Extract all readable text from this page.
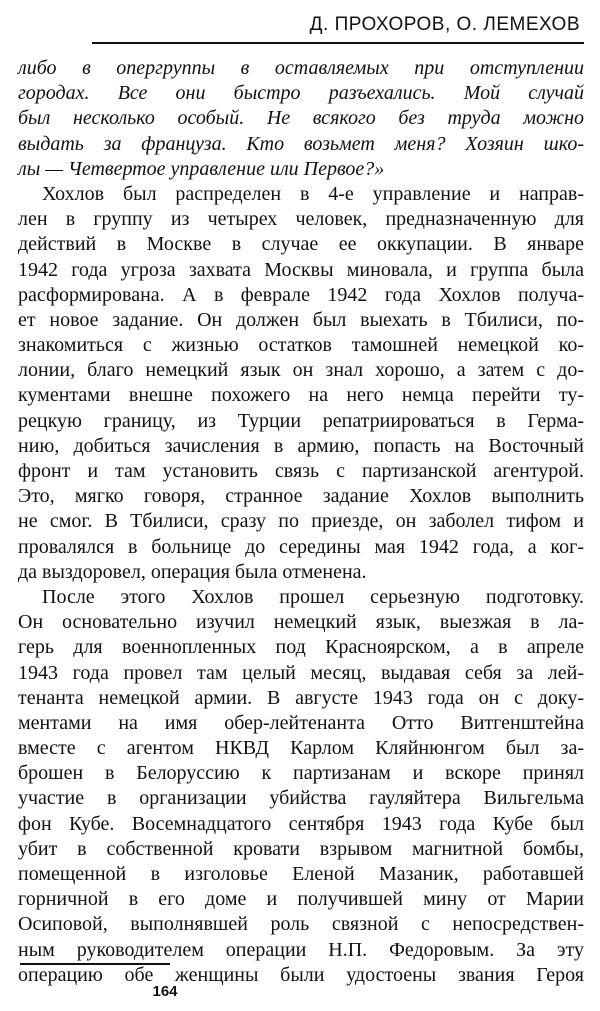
Д. ПРОХОРОВ, О. ЛЕМЕХОВ
либо в опергруппы в оставляемых при отступлении
городах. Все они быстро разъехались. Мой случай
был несколько особый. Не всякого без труда можно
выдать за француза. Кто возьмет меня? Хозяин шко-
лы — Четвертое управление или Первое?»
Хохлов был распределен в 4-е управление и направ-
лен в группу из четырех человек, предназначенную для
действий в Москве в случае ее оккупации. В январе
1942 года угроза захвата Москвы миновала, и группа была
расформирована. А в феврале 1942 года Хохлов получа-
ет новое задание. Он должен был выехать в Тбилиси, по-
знакомиться с жизнью остатков тамошней немецкой ко-
лонии, благо немецкий язык он знал хорошо, а затем с до-
кументами внешне похожего на него немца перейти ту-
рецкую границу, из Турции репатриироваться в Герма-
нию, добиться зачисления в армию, попасть на Восточный
фронт и там установить связь с партизанской агентурой.
Это, мягко говоря, странное задание Хохлов выполнить
не смог. В Тбилиси, сразу по приезде, он заболел тифом и
провалялся в больнице до середины мая 1942 года, а ког-
да выздоровел, операция была отменена.
После этого Хохлов прошел серьезную подготовку.
Он основательно изучил немецкий язык, выезжая в ла-
герь для военнопленных под Красноярском, а в апреле
1943 года провел там целый месяц, выдавая себя за лей-
тенанта немецкой армии. В августе 1943 года он с доку-
ментами на имя обер-лейтенанта Отто Витгенштейна
вместе с агентом НКВД Карлом Кляйнюнгом был за-
брошен в Белоруссию к партизанам и вскоре принял
участие в организации убийства гауляйтера Вильгельма
фон Кубе. Восемнадцатого сентября 1943 года Кубе был
убит в собственной кровати взрывом магнитной бомбы,
помещенной в изголовье Еленой Мазаник, работавшей
горничной в его доме и получившей мину от Марии
Осиповой, выполнявшей роль связной с непосредствен-
ным руководителем операции Н.П. Федоровым. За эту
операцию обе женщины были удостоены звания Героя
164
